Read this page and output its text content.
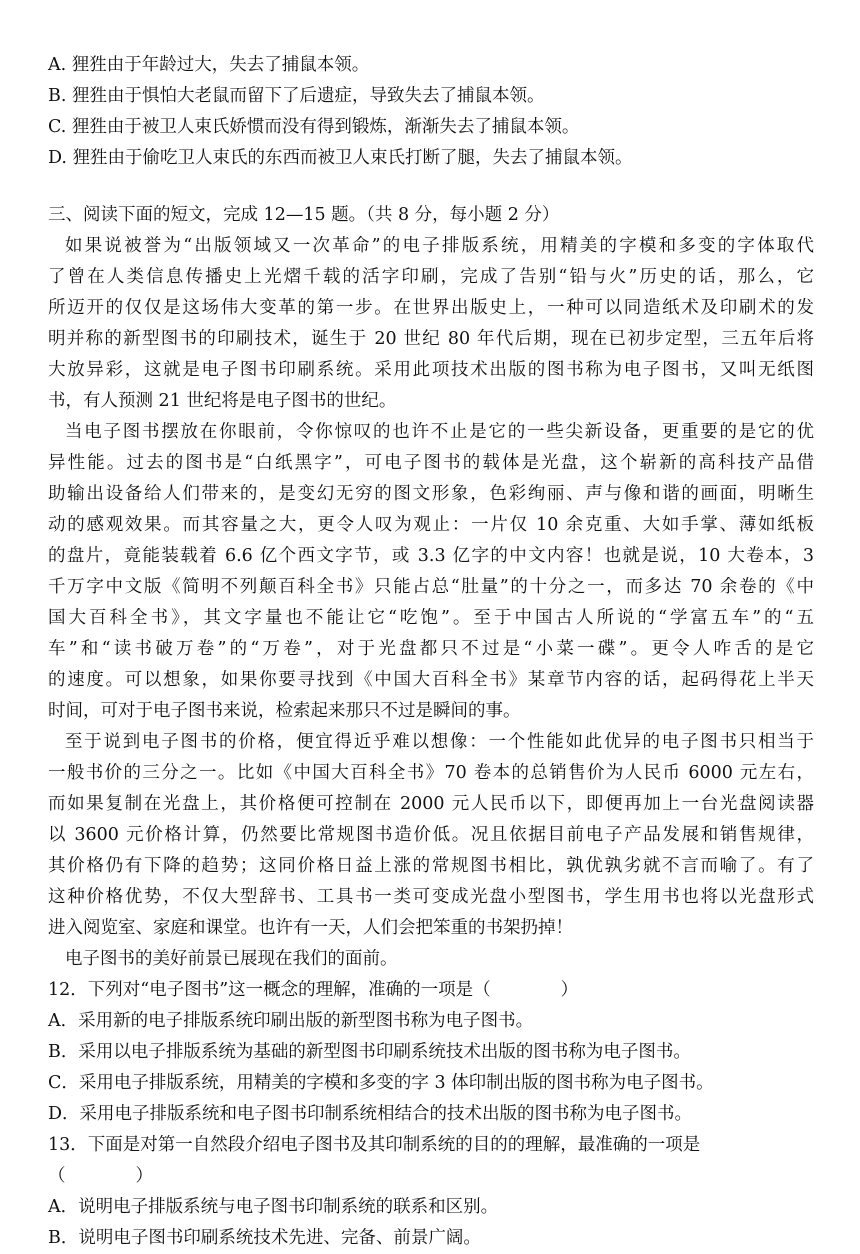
A. 狸狌由于年龄过大，失去了捕鼠本领。
B. 狸狌由于惧怕大老鼠而留下了后遗症，导致失去了捕鼠本领。
C. 狸狌由于被卫人束氏娇惯而没有得到锻炼，渐渐失去了捕鼠本领。
D. 狸狌由于偷吃卫人束氏的东西而被卫人束氏打断了腿，失去了捕鼠本领。
三、阅读下面的短文，完成 12—15 题。（共 8 分，每小题 2 分）
如果说被誉为“出版领域又一次革命”的电子排版系统，用精美的字模和多变的字体取代
了曾在人类信息传播史上光熠千载的活字印刷，完成了告别“铅与火”历史的话，那么，它
所迈开的仅仅是这场伟大变革的第一步。在世界出版史上，一种可以同造纸术及印刷术的发
明并称的新型图书的印刷技术，诞生于 20 世纪 80 年代后期，现在已初步定型，三五年后将
大放异彩，这就是电子图书印刷系统。采用此项技术出版的图书称为电子图书，又叫无纸图
书，有人预测 21 世纪将是电子图书的世纪。
当电子图书摆放在你眼前，令你惊叹的也许不止是它的一些尖新设备，更重要的是它的优
异性能。过去的图书是“白纸黑字”，可电子图书的载体是光盘，这个崭新的高科技产品借
助输出设备给人们带来的，是变幻无穷的图文形象，色彩绚丽、声与像和谐的画面，明晰生
动的感观效果。而其容量之大，更令人叹为观止：一片仅 10 余克重、大如手掌、薄如纸板
的盘片，竟能装载着 6.6 亿个西文字节，或 3.3 亿字的中文内容！也就是说，10 大卷本，3
千万字中文版《简明不列颠百科全书》只能占总“肚量”的十分之一，而多达 70 余卷的《中
国大百科全书》，其文字量也不能让它“吃饱”。至于中国古人所说的“学富五车”的“五
车”和“读书破万卷”的“万卷”，对于光盘都只不过是“小菜一碟”。更令人咋舌的是它
的速度。可以想象，如果你要寻找到《中国大百科全书》某章节内容的话，起码得花上半天
时间，可对于电子图书来说，检索起来那只不过是瞬间的事。
至于说到电子图书的价格，便宜得近乎难以想像：一个性能如此优异的电子图书只相当于
一般书价的三分之一。比如《中国大百科全书》70 卷本的总销售价为人民币 6000 元左右，
而如果复制在光盘上，其价格便可控制在 2000 元人民币以下，即便再加上一台光盘阅读器
以 3600 元价格计算，仍然要比常规图书造价低。况且依据目前电子产品发展和销售规律，
其价格仍有下降的趋势；这同价格日益上涨的常规图书相比，孰优孰劣就不言而喻了。有了
这种价格优势，不仅大型辞书、工具书一类可变成光盘小型图书，学生用书也将以光盘形式
进入阅览室、家庭和课堂。也许有一天，人们会把笨重的书架扔掉！
电子图书的美好前景已展现在我们的面前。
12．下列对“电子图书”这一概念的理解，准确的一项是（　　　　）
A．采用新的电子排版系统印刷出版的新型图书称为电子图书。
B．采用以电子排版系统为基础的新型图书印刷系统技术出版的图书称为电子图书。
C．采用电子排版系统，用精美的字模和多变的字 3 体印制出版的图书称为电子图书。
D．采用电子排版系统和电子图书印制系统相结合的技术出版的图书称为电子图书。
13．下面是对第一自然段介绍电子图书及其印制系统的目的的理解，最准确的一项是
（　　　　）
A．说明电子排版系统与电子图书印制系统的联系和区别。
B．说明电子图书印刷系统技术先进、完备、前景广阔。
